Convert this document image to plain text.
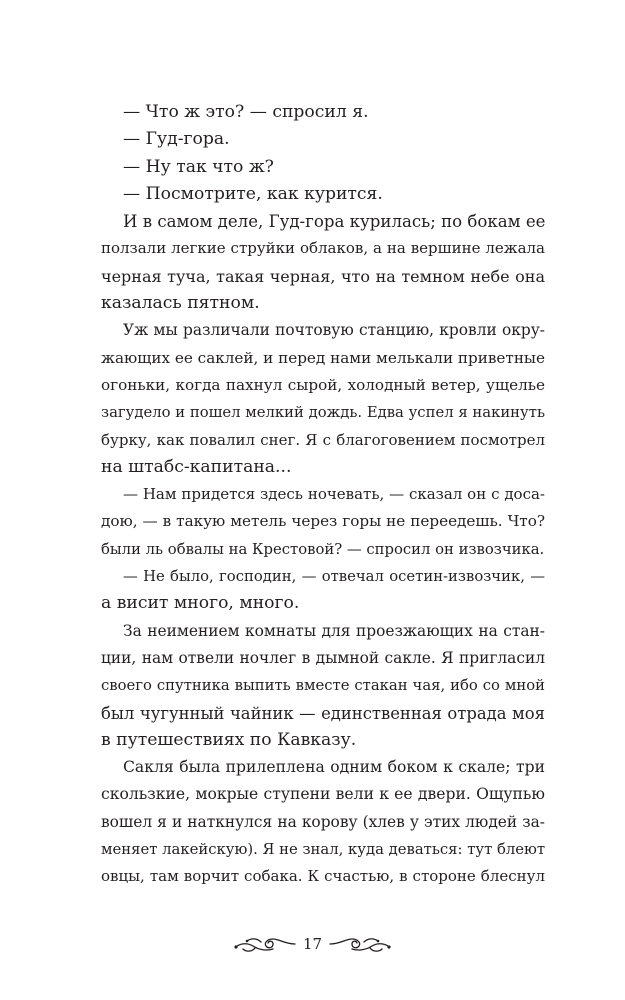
— Что ж это? — спросил я.
— Гуд-гора.
— Ну так что ж?
— Посмотрите, как курится.
И в самом деле, Гуд-гора курилась; по бокам ее
ползали легкие струйки облаков, а на вершине лежала
черная туча, такая черная, что на темном небе она
казалась пятном.
Уж мы различали почтовую станцию, кровли окру-
жающих ее саклей, и перед нами мелькали приветные
огоньки, когда пахнул сырой, холодный ветер, ущелье
загудело и пошел мелкий дождь. Едва успел я накинуть
бурку, как повалил снег. Я с благоговением посмотрел
на штабс-капитана...
— Нам придется здесь ночевать, — сказал он с доса-
дою, — в такую метель через горы не переедешь. Что?
были ль обвалы на Крестовой? — спросил он извозчика.
— Не было, господин, — отвечал осетин-извозчик, —
а висит много, много.
За неимением комнаты для проезжающих на стан-
ции, нам отвели ночлег в дымной сакле. Я пригласил
своего спутника выпить вместе стакан чая, ибо со мной
был чугунный чайник — единственная отрада моя
в путешествиях по Кавказу.
Сакля была прилеплена одним боком к скале; три
скользкие, мокрые ступени вели к ее двери. Ощупью
вошел я и наткнулся на корову (хлев у этих людей за-
меняет лакейскую). Я не знал, куда деваться: тут блеют
овцы, там ворчит собака. К счастью, в стороне блеснул
17
